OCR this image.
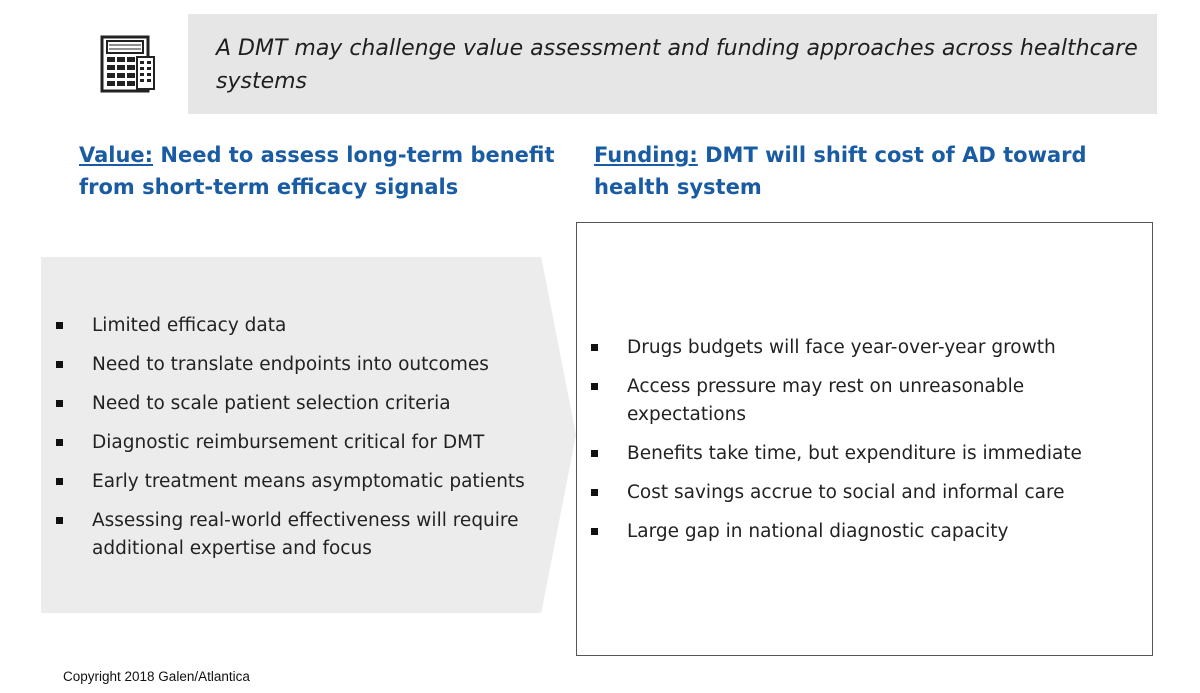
A DMT may challenge value assessment and funding approaches across healthcare systems
Value: Need to assess long-term benefit from short-term efficacy signals
Funding: DMT will shift cost of AD toward health system
Limited efficacy data
Need to translate endpoints into outcomes
Need to scale patient selection criteria
Diagnostic reimbursement critical for DMT
Early treatment means asymptomatic patients
Assessing real-world effectiveness will require additional expertise and focus
Drugs budgets will face year-over-year growth
Access pressure may rest on unreasonable expectations
Benefits take time, but expenditure is immediate
Cost savings accrue to social and informal care
Large gap in national diagnostic capacity
Copyright 2018 Galen/Atlantica
